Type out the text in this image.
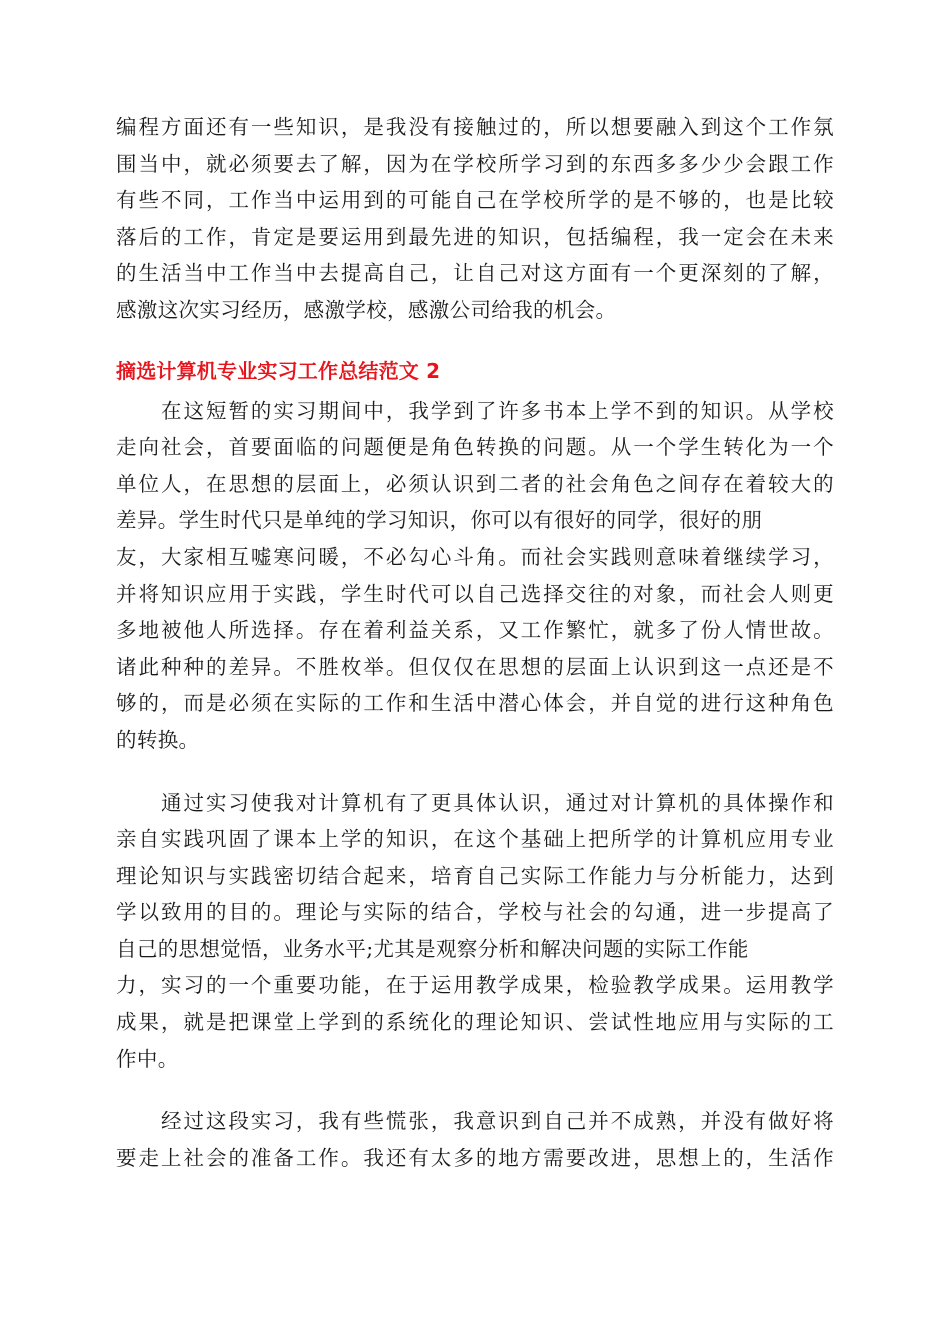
编程方面还有一些知识，是我没有接触过的，所以想要融入到这个工作氛
围当中，就必须要去了解，因为在学校所学习到的东西多多少少会跟工作
有些不同，工作当中运用到的可能自己在学校所学的是不够的，也是比较
落后的工作，肯定是要运用到最先进的知识，包括编程，我一定会在未来
的生活当中工作当中去提高自己，让自己对这方面有一个更深刻的了解，
感激这次实习经历，感激学校，感激公司给我的机会。
摘选计算机专业实习工作总结范文 2
　　在这短暂的实习期间中，我学到了许多书本上学不到的知识。从学校
走向社会，首要面临的问题便是角色转换的问题。从一个学生转化为一个
单位人，在思想的层面上，必须认识到二者的社会角色之间存在着较大的
差异。学生时代只是单纯的学习知识，你可以有很好的同学，很好的朋
友，大家相互嘘寒问暖，不必勾心斗角。而社会实践则意味着继续学习，
并将知识应用于实践，学生时代可以自己选择交往的对象，而社会人则更
多地被他人所选择。存在着利益关系，又工作繁忙，就多了份人情世故。
诸此种种的差异。不胜枚举。但仅仅在思想的层面上认识到这一点还是不
够的，而是必须在实际的工作和生活中潜心体会，并自觉的进行这种角色
的转换。
　　通过实习使我对计算机有了更具体认识，通过对计算机的具体操作和
亲自实践巩固了课本上学的知识，在这个基础上把所学的计算机应用专业
理论知识与实践密切结合起来，培育自己实际工作能力与分析能力，达到
学以致用的目的。理论与实际的结合，学校与社会的勾通，进一步提高了
自己的思想觉悟，业务水平;尤其是观察分析和解决问题的实际工作能
力，实习的一个重要功能，在于运用教学成果，检验教学成果。运用教学
成果，就是把课堂上学到的系统化的理论知识、尝试性地应用与实际的工
作中。
　　经过这段实习，我有些慌张，我意识到自己并不成熟，并没有做好将
要走上社会的准备工作。我还有太多的地方需要改进，思想上的，生活作
